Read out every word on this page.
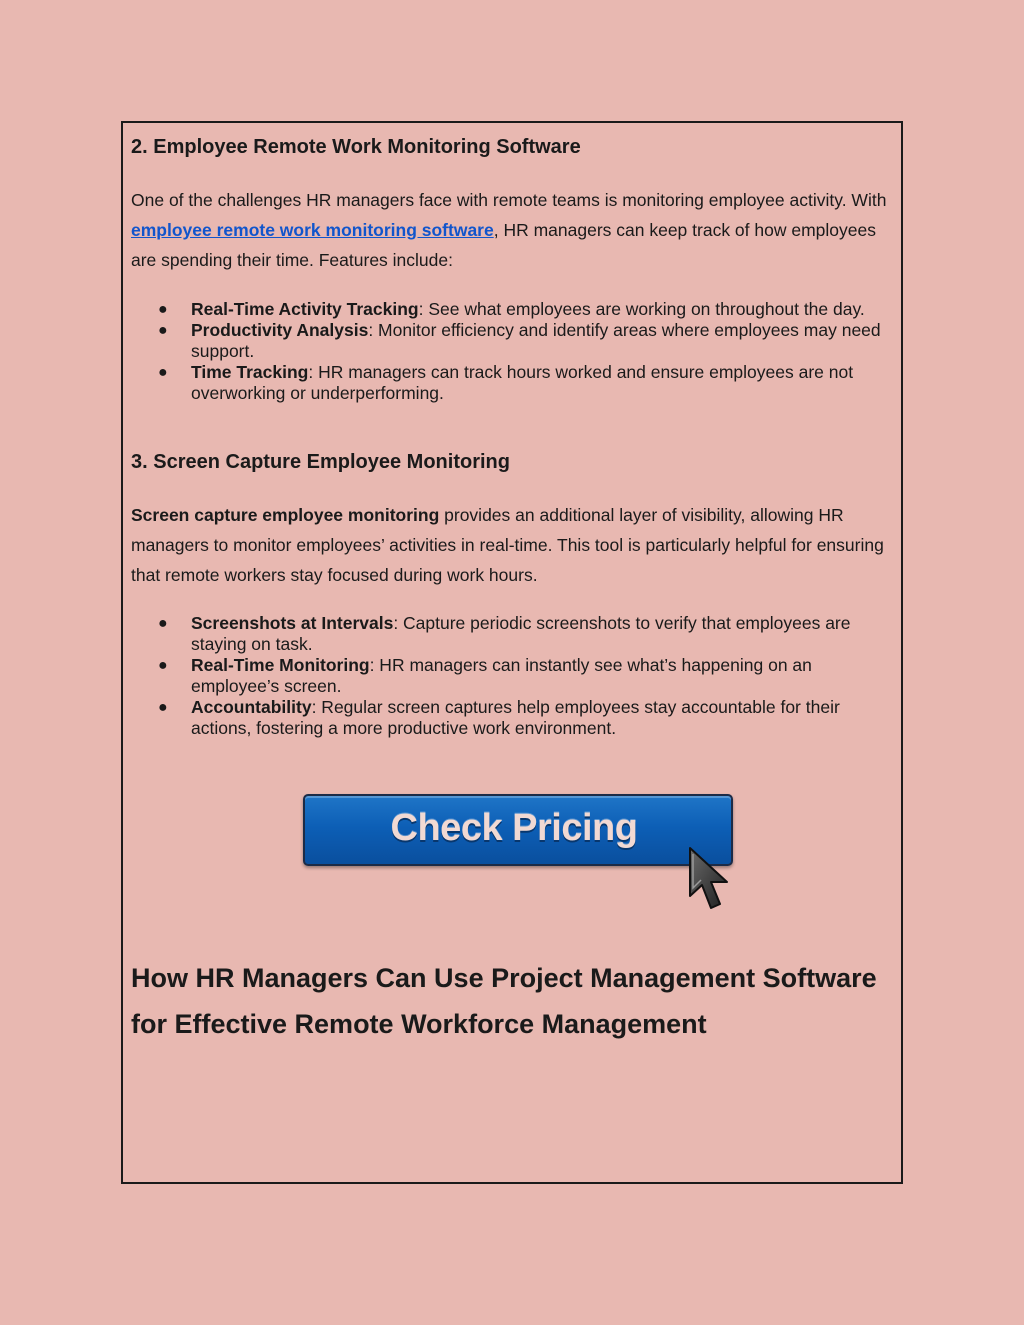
2. Employee Remote Work Monitoring Software

One of the challenges HR managers face with remote teams is monitoring employee activity. With employee remote work monitoring software, HR managers can keep track of how employees are spending their time. Features include:

● Real-Time Activity Tracking: See what employees are working on throughout the day.
● Productivity Analysis: Monitor efficiency and identify areas where employees may need support.
● Time Tracking: HR managers can track hours worked and ensure employees are not overworking or underperforming.
3. Screen Capture Employee Monitoring

Screen capture employee monitoring provides an additional layer of visibility, allowing HR managers to monitor employees’ activities in real-time. This tool is particularly helpful for ensuring that remote workers stay focused during work hours.

● Screenshots at Intervals: Capture periodic screenshots to verify that employees are staying on task.
● Real-Time Monitoring: HR managers can instantly see what’s happening on an employee’s screen.
● Accountability: Regular screen captures help employees stay accountable for their actions, fostering a more productive work environment.
Check Pricing
How HR Managers Can Use Project Management Software for Effective Remote Workforce Management
